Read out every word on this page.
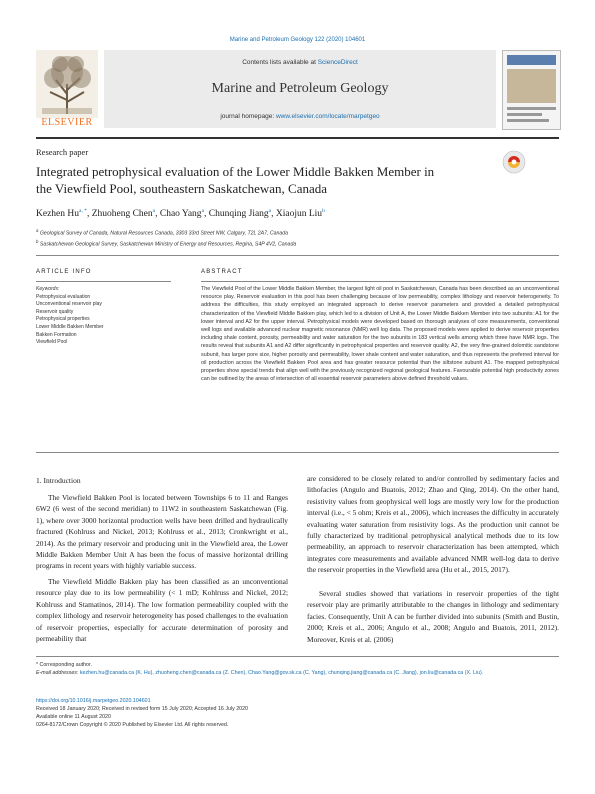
Marine and Petroleum Geology 122 (2020) 104601
ELSEVIER
Contents lists available at ScienceDirect
Marine and Petroleum Geology
journal homepage: www.elsevier.com/locate/marpetgeo
Research paper
Integrated petrophysical evaluation of the Lower Middle Bakken Member in
the Viewfield Pool, southeastern Saskatchewan, Canada
Kezhen $Hu^{a, *}$, Zhuoheng Chen$^a$, Chao Yang$^a$, Chunqing Jiang$^a$, Xiaojun Liu$^b$
$^a$ Geological Survey of Canada, Natural Resources Canada, 3303 33rd Street NW, Calgary, T2L 2A7, Canada
$^b$ Saskatchewan Geological Survey, Saskatchewan Ministry of Energy and Resources, Regina, S4P 4V2, Canada
ARTICLE INFO
Keywords:
Petrophysical evaluation
Unconventional reservoir play
Reservoir quality
Petrophysical properties
Lower Middle Bakken Member
Bakken Formation
Viewfield Pool
ABSTRACT

The Viewfield Pool of the Lower Middle Bakken Member, the largest light oil pool in Saskatchewan, Canada has been described as an unconventional resource play. Reservoir evaluation in this pool has been challenging because of low permeability, complex lithology and reservoir heterogeneity. To address the difficulties, this study employed an integrated approach to derive reservoir parameters and provided a detailed petrophysical characterization of the Viewfield Middle Bakken play, which led to a division of Unit A, the Lower Middle Bakken Member into two subunits: A1 for the lower interval and A2 for the upper interval. Petrophysical models were developed based on thorough analyses of core measurements, conventional well logs and available advanced nuclear magnetic resonance (NMR) well log data. The proposed models were applied to derive reservoir properties including shale content, porosity, permeability and water saturation for the two subunits in 183 vertical wells among which three have NMR logs. The results reveal that subunits A1 and A2 differ significantly in petrophysical properties and reservoir quality. A2, the very fine-grained dolomitic sandstone subunit, has larger pore size, higher porosity and permeability, lower shale content and water saturation, and thus represents the preferred interval for oil production across the Viewfield Bakken Pool area and has greater resource potential than the siltstone subunit A1. The mapped petrophysical properties show special trends that align well with the previously recognized regional geological features. Favourable potential high productivity zones can be outlined by the areas of intersection of all essential reservoir parameters above defined threshold values.

1. Introduction

The Viewfield Bakken Pool is located between Townships 6 to 11 and Ranges 6W2 (6 west of the second meridian) to 11W2 in southeastern Saskatchewan (Fig. 1), where over 3000 horizontal production wells have been drilled and hydraulically fractured (Kohlruss and Nickel, 2013; Kohlruss et al., 2013; Cronkwright et al., 2014). As the primary reservoir and producing unit in the Viewfield area, the Lower Middle Bakken Member Unit A has been the focus of massive horizontal drilling programs in recent years with highly variable success.

The Viewfield Middle Bakken play has been classified as an unconventional resource play due to its low permeability (< 1 mD; Kohlruss and Nickel, 2012; Kohlruss and Stamatinos, 2014). The low formation permeability coupled with the complex lithology and reservoir heterogeneity has posed challenges to the evaluation of reservoir properties, especially for accurate determination of porosity and permeability that

are considered to be closely related to and/or controlled by sedimentary facies and lithofacies (Angulo and Buatois, 2012; Zhao and Qing, 2014). On the other hand, resistivity values from geophysical well logs are mostly very low for the production interval (i.e., < 5 ohm; Kreis et al., 2006), which increases the difficulty in accurately evaluating water saturation from resistivity logs. As the production unit cannot be fully characterized by traditional petrophysical analytical methods due to its low permeability, an approach to reservoir characterization has been attempted, which integrates core measurements and available advanced NMR well-log data to derive the reservoir properties in the Viewfield area (Hu et al., 2015, 2017).

Several studies showed that variations in reservoir properties of the tight reservoir play are primarily attributable to the changes in lithology and sedimentary facies. Consequently, Unit A can be further divided into subunits (Smith and Bustin, 2000; Kreis et al., 2006; Angulo et al., 2008; Angulo and Buatois, 2011, 2012). Moreover, Kreis et al. (2006)

* Corresponding author.
E-mail addresses: kezhen.hu@canada.ca (K. Hu), zhuoheng.chen@canada.ca (Z. Chen), Chao.Yang@gov.sk.ca (C. Yang), chunqing.jiang@canada.ca (C. Jiang), jon.liu@canada.ca (X. Liu).
https://doi.org/10.1016/j.marpetgeo.2020.104601
Received 18 January 2020; Received in revised form 15 July 2020; Accepted 16 July 2020
Available online 11 August 2020
0264-8172/Crown Copyright © 2020 Published by Elsevier Ltd. All rights reserved.
